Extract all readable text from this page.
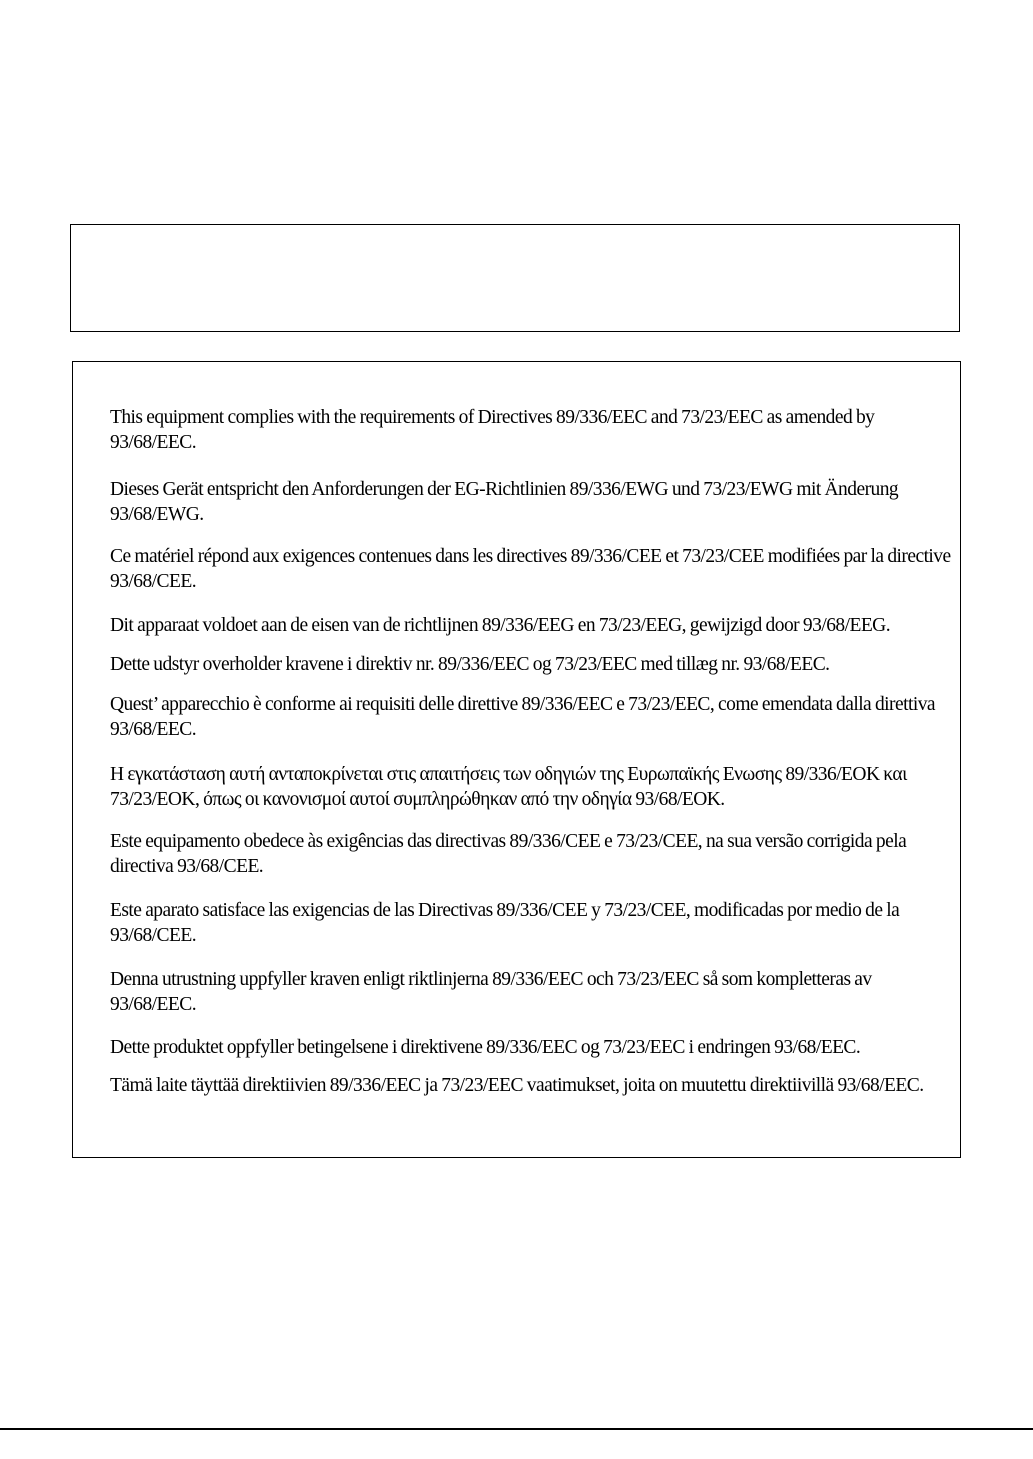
This equipment complies with the requirements of Directives 89/336/EEC and 73/23/EEC as amended by 93/68/EEC.

Dieses Gerät entspricht den Anforderungen der EG-Richtlinien 89/336/EWG und 73/23/EWG mit Änderung 93/68/EWG.

Ce matériel répond aux exigences contenues dans les directives 89/336/CEE et 73/23/CEE modifiées par la directive 93/68/CEE.

Dit apparaat voldoet aan de eisen van de richtlijnen 89/336/EEG en 73/23/EEG, gewijzigd door 93/68/EEG.

Dette udstyr overholder kravene i direktiv nr. 89/336/EEC og 73/23/EEC med tillæg nr. 93/68/EEC.

Quest’ apparecchio è conforme ai requisiti delle direttive 89/336/EEC e 73/23/EEC, come emendata dalla direttiva 93/68/EEC.

Η εγκατάσταση αυτή ανταποκρίνεται στις απαιτήσεις των οδηγιών της Ευρωπαϊκής Ενωσης 89/336/ΕΟΚ και 73/23/ΕΟΚ, όπως οι κανονισμοί αυτοί συμπληρώθηκαν από την οδηγία 93/68/ΕΟΚ.

Este equipamento obedece às exigências das directivas 89/336/CEE e 73/23/CEE, na sua versão corrigida pela directiva 93/68/CEE.

Este aparato satisface las exigencias de las Directivas 89/336/CEE y 73/23/CEE, modificadas por medio de la 93/68/CEE.

Denna utrustning uppfyller kraven enligt riktlinjerna 89/336/EEC och 73/23/EEC så som kompletteras av 93/68/EEC.

Dette produktet oppfyller betingelsene i direktivene 89/336/EEC og 73/23/EEC i endringen 93/68/EEC.

Tämä laite täyttää direktiivien 89/336/EEC ja 73/23/EEC vaatimukset, joita on muutettu direktiivillä 93/68/EEC.
